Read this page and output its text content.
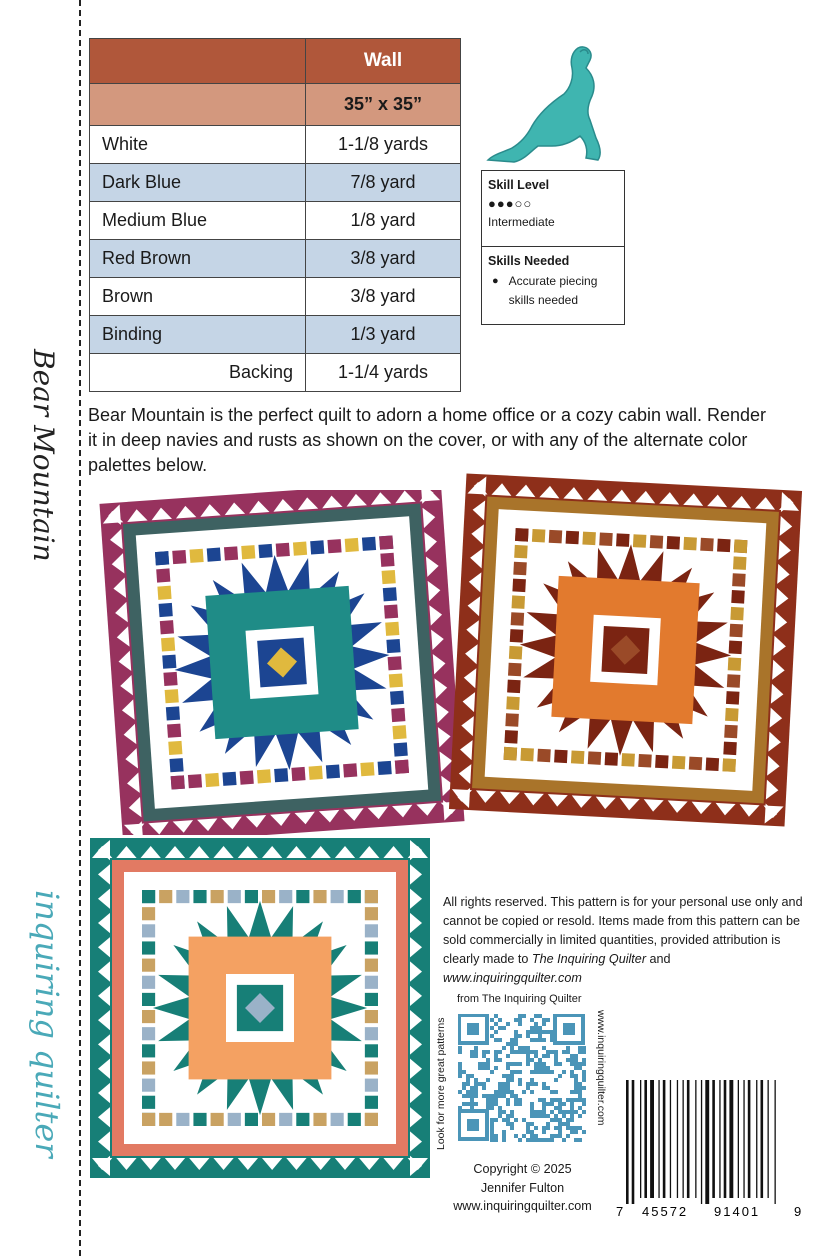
Bear Mountain
inquiring quilter
	Wall
	35” x 35”
White	1-1/8 yards
Dark Blue	7/8 yard
Medium Blue	1/8 yard
Red Brown	3/8 yard
Brown	3/8 yard
Binding	1/3 yard
Backing	1-1/4 yards
Skill Level
●●●○○
Intermediate
Skills Needed
● Accurate piecing skills needed
Bear Mountain is the perfect quilt to adorn a home office or a cozy cabin wall. Render it in deep navies and rusts as shown on the cover, or with any of the alternate color palettes below.
All rights reserved. This pattern is for your personal use only and cannot be copied or resold. Items made from this pattern can be sold commercially in limited quantities, provided attribution is clearly made to The Inquiring Quilter and www.inquiringquilter.com
from The Inquiring Quilter
Look for more great patterns	www.inquiringquilter.com
Copyright © 2025
Jennifer Fulton
www.inquiringquilter.com	7 45572 91401	9
